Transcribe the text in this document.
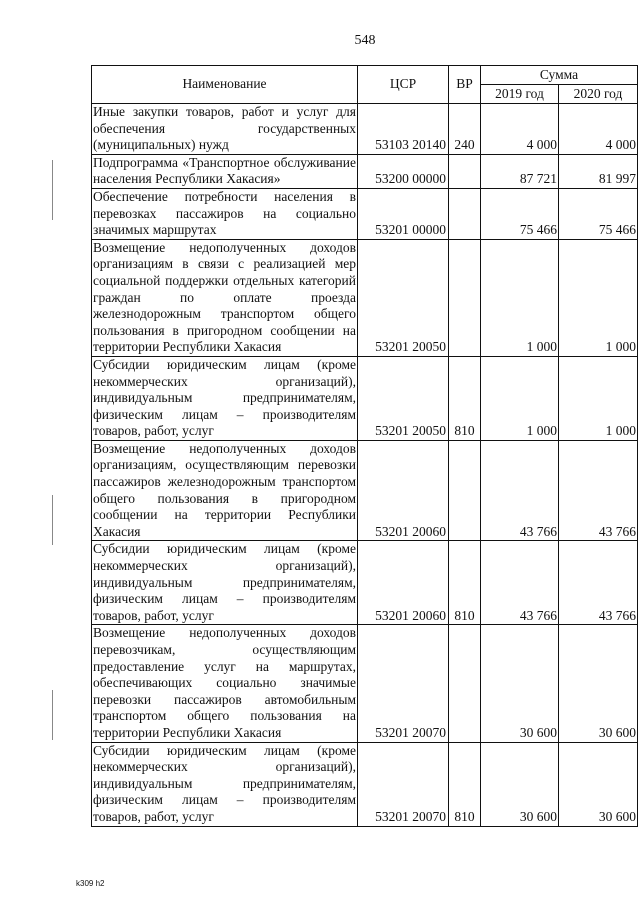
548
Наименование	ЦСР	ВР	Сумма	
			2019 год	2020 год
Иные закупки товаров, работ и услуг для обеспечения государственных (муниципальных) нужд	53103 20140	240	4 000	4 000
Подпрограмма «Транспортное обслуживание населения Республики Хакасия»	53200 00000		87 721	81 997
Обеспечение потребности населения в перевозках пассажиров на социально значимых маршрутах	53201 00000		75 466	75 466
Возмещение недополученных доходов организациям в связи с реализацией мер социальной поддержки отдельных категорий граждан по оплате проезда железнодорожным транспортом общего пользования в пригородном сообщении на территории Республики Хакасия	53201 20050		1 000	1 000
Субсидии юридическим лицам (кроме некоммерческих организаций), индивидуальным предпринимателям, физическим лицам – производителям товаров, работ, услуг	53201 20050	810	1 000	1 000
Возмещение недополученных доходов организациям, осуществляющим перевозки пассажиров железнодорожным транспортом общего пользования в пригородном сообщении на территории Республики Хакасия	53201 20060		43 766	43 766
Субсидии юридическим лицам (кроме некоммерческих организаций), индивидуальным предпринимателям, физическим лицам – производителям товаров, работ, услуг	53201 20060	810	43 766	43 766
Возмещение недополученных доходов перевозчикам, осуществляющим предоставление услуг на маршрутах, обеспечивающих социально значимые перевозки пассажиров автомобильным транспортом общего пользования на территории Республики Хакасия	53201 20070		30 600	30 600
Субсидии юридическим лицам (кроме некоммерческих организаций), индивидуальным предпринимателям, физическим лицам – производителям товаров, работ, услуг	53201 20070	810	30 600	30 600
k309 h2
